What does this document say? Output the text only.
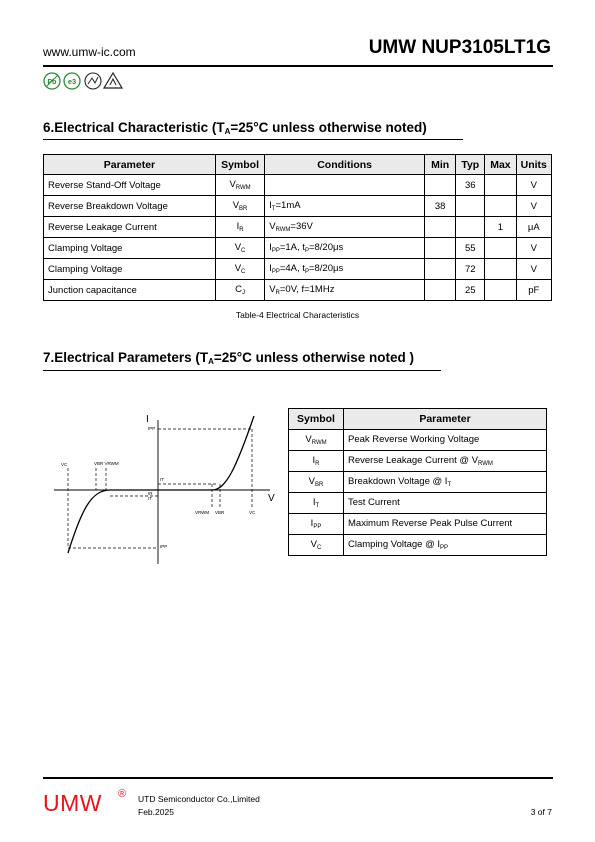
www.umw-ic.com	UMW NUP3105LT1G
Pb e3
6.Electrical Characteristic ($T_A=25^\circ C$ unless otherwise noted)
Parameter	Symbol	Conditions	Min	Typ	Max	Units
Reverse Stand-Off Voltage	$V_{RWM}$			36		V
Reverse Breakdown Voltage	$V_{BR}$	$I_T=1mA$	38			V
Reverse Leakage Current	$I_R$	$V_{RWM}=36V$			1	μA
Clamping Voltage	$V_C$	$I_{PP}=1A$, $t_P=8/20\mu s$		55		V
Clamping Voltage	$V_C$	$I_{PP}=4A$, $t_P=8/20\mu s$		72		V
Junction capacitance	$C_J$	$V_R=0V$, f=1MHz		25		pF
Table-4 Electrical Characteristics
7.Electrical Parameters ($T_A=25^\circ C$ unless otherwise noted )
I
V
IPP
IPP
VC	VBR VRWM
IT
IR
IT
VRWM VBR	VC
Symbol	Parameter
$V_{RWM}$	Peak Reverse Working Voltage
$I_R$	Reverse Leakage Current @ $V_{RWM}$
$V_{BR}$	Breakdown Voltage @ $I_T$
$I_T$	Test Current
$I_{PP}$	Maximum Reverse Peak Pulse Current
$V_C$	Clamping Voltage @ $I_{PP}$
UMW ® UTD Semiconductor Co.,Limited
Feb.2025	3 of 7
